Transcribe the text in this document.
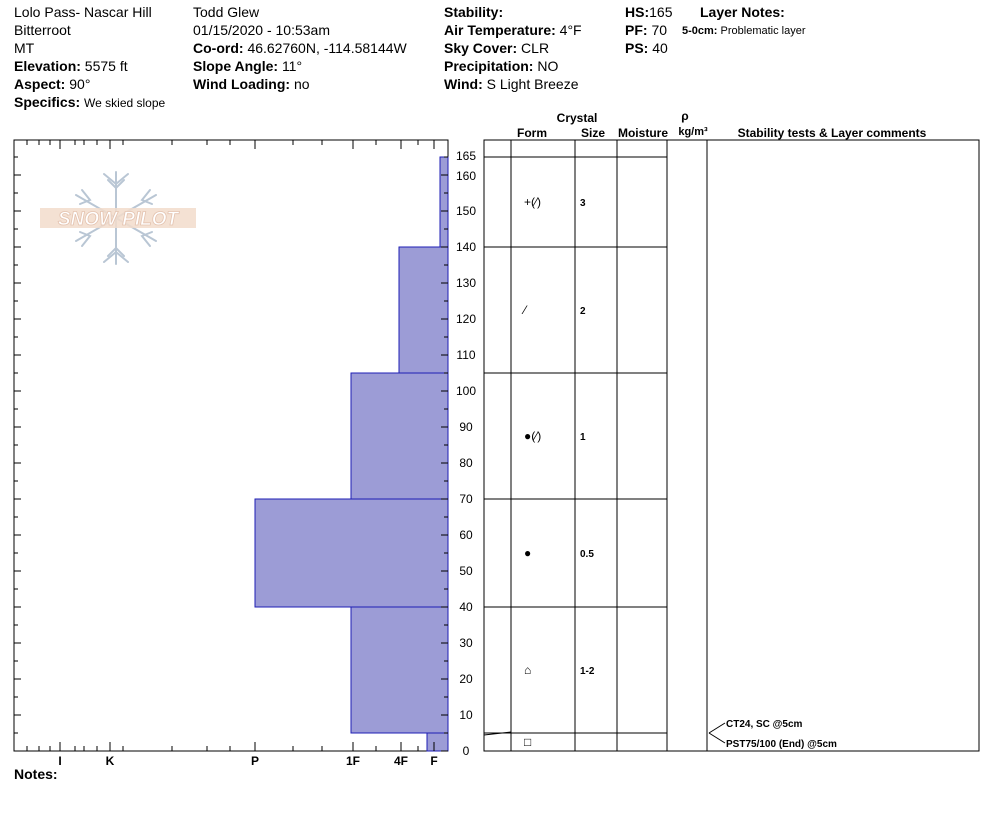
Lolo Pass- Nascar Hill
Bitterroot
MT
Elevation: 5575 ft
Aspect: 90°
Specifics: We skied slope
Todd Glew
01/15/2020 - 10:53am
Co-ord: 46.62760N, -114.58144W
Slope Angle: 11°
Wind Loading: no
Stability:
Air Temperature: 4°F
Sky Cover: CLR
Precipitation: NO
Wind: S Light Breeze
HS:165
PF: 70
PS: 40
Layer Notes:
5-0cm: Problematic layer
SNOW PILOT
0
10
20
30
40
50
60
70
80
90
100
110
120
130
140
150
160
165
I	K	P	1F	4F F
Crystal
Form	Size Moisture
ρ
kg/m³ Stability tests & Layer comments
+(⁄)	3
⁄	2
●(⁄)	1
●	0.5
⌂	1-2
□
CT24, SC @5cm
PST75/100 (End) @5cm
Notes:
